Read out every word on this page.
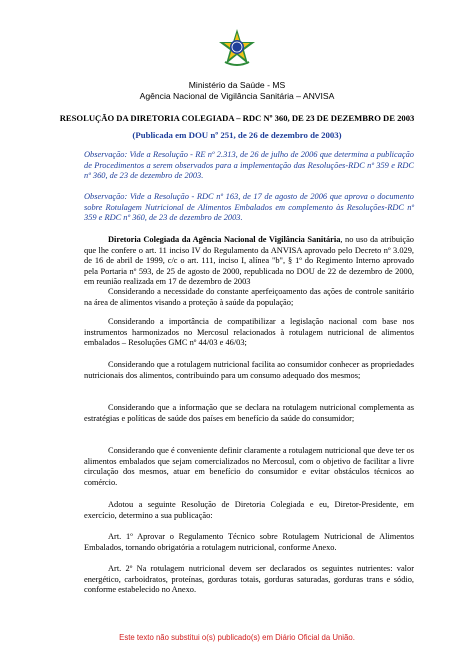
Ministério da Saúde - MS
Agência Nacional de Vigilância Sanitária – ANVISA
RESOLUÇÃO DA DIRETORIA COLEGIADA – RDC Nº 360, DE 23 DE DEZEMBRO DE 2003
(Publicada em DOU nº 251, de 26 de dezembro de 2003)
Observação: Vide a Resolução - RE nº 2.313, de 26 de julho de 2006 que determina a publicação de Procedimentos a serem observados para a implementação das Resoluções-RDC nº 359 e RDC nº 360, de 23 de dezembro de 2003.
Observação: Vide a Resolução - RDC nº 163, de 17 de agosto de 2006 que aprova o documento sobre Rotulagem Nutricional de Alimentos Embalados em complemento às Resoluções-RDC nº 359 e RDC nº 360, de 23 de dezembro de 2003.
Diretoria Colegiada da Agência Nacional de Vigilância Sanitária, no uso da atribuição que lhe confere o art. 11 inciso IV do Regulamento da ANVISA aprovado pelo Decreto nº 3.029, de 16 de abril de 1999, c/c o art. 111, inciso I, alínea "b", § 1º do Regimento Interno aprovado pela Portaria nº 593, de 25 de agosto de 2000, republicada no DOU de 22 de dezembro de 2000, em reunião realizada em 17 de dezembro de 2003
Considerando a necessidade do constante aperfeiçoamento das ações de controle sanitário na área de alimentos visando a proteção à saúde da população;
Considerando a importância de compatibilizar a legislação nacional com base nos instrumentos harmonizados no Mercosul relacionados à rotulagem nutricional de alimentos embalados – Resoluções GMC nº 44/03 e 46/03;
Considerando que a rotulagem nutricional facilita ao consumidor conhecer as propriedades nutricionais dos alimentos, contribuindo para um consumo adequado dos mesmos;
Considerando que a informação que se declara na rotulagem nutricional complementa as estratégias e políticas de saúde dos países em benefício da saúde do consumidor;
Considerando que é conveniente definir claramente a rotulagem nutricional que deve ter os alimentos embalados que sejam comercializados no Mercosul, com o objetivo de facilitar a livre circulação dos mesmos, atuar em benefício do consumidor e evitar obstáculos técnicos ao comércio.
Adotou a seguinte Resolução de Diretoria Colegiada e eu, Diretor-Presidente, em exercício, determino a sua publicação:
Art. 1º Aprovar o Regulamento Técnico sobre Rotulagem Nutricional de Alimentos Embalados, tornando obrigatória a rotulagem nutricional, conforme Anexo.
Art. 2º Na rotulagem nutricional devem ser declarados os seguintes nutrientes: valor energético, carboidratos, proteínas, gorduras totais, gorduras saturadas, gorduras trans e sódio, conforme estabelecido no Anexo.
Este texto não substitui o(s) publicado(s) em Diário Oficial da União.
